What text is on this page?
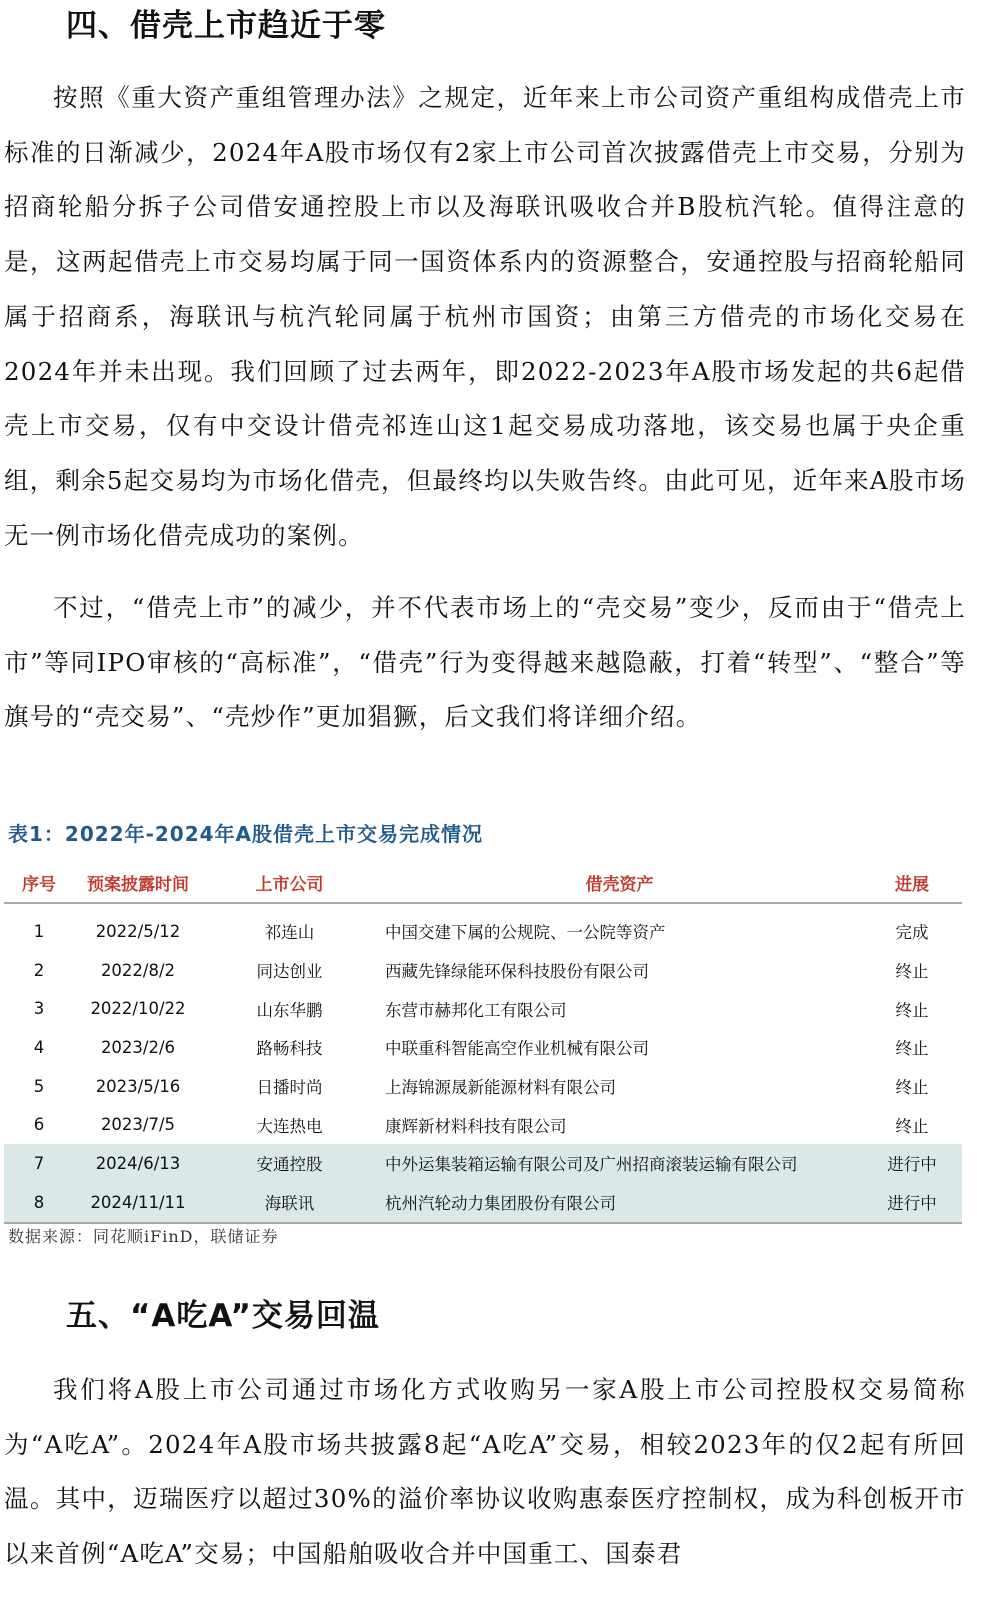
四、借壳上市趋近于零

按照《重大资产重组管理办法》之规定，近年来上市公司资产重组构成借壳上市标准的日渐减少，2024年A股市场仅有2家上市公司首次披露借壳上市交易，分别为招商轮船分拆子公司借安通控股上市以及海联讯吸收合并B股杭汽轮。值得注意的是，这两起借壳上市交易均属于同一国资体系内的资源整合，安通控股与招商轮船同属于招商系，海联讯与杭汽轮同属于杭州市国资；由第三方借壳的市场化交易在2024年并未出现。我们回顾了过去两年，即2022-2023年A股市场发起的共6起借壳上市交易，仅有中交设计借壳祁连山这1起交易成功落地，该交易也属于央企重组，剩余5起交易均为市场化借壳，但最终均以失败告终。由此可见，近年来A股市场无一例市场化借壳成功的案例。

不过，“借壳上市”的减少，并不代表市场上的“壳交易”变少，反而由于“借壳上市”等同IPO审核的“高标准”，“借壳”行为变得越来越隐蔽，打着“转型”、“整合”等旗号的“壳交易”、“壳炒作”更加猖獗，后文我们将详细介绍。

表1：2022年-2024年A股借壳上市交易完成情况
序号	预案披露时间	上市公司	借壳资产	进展
1	2022/5/12	祁连山	中国交建下属的公规院、一公院等资产	完成
2	2022/8/2	同达创业	西藏先锋绿能环保科技股份有限公司	终止
3	2022/10/22	山东华鹏	东营市赫邦化工有限公司	终止
4	2023/2/6	路畅科技	中联重科智能高空作业机械有限公司	终止
5	2023/5/16	日播时尚	上海锦源晟新能源材料有限公司	终止
6	2023/7/5	大连热电	康辉新材料科技有限公司	终止
7	2024/6/13	安通控股	中外运集装箱运输有限公司及广州招商滚装运输有限公司	进行中
8	2024/11/11	海联讯	杭州汽轮动力集团股份有限公司	进行中
数据来源：同花顺iFinD，联储证券
五、“A吃A”交易回温

我们将A股上市公司通过市场化方式收购另一家A股上市公司控股权交易简称为“A吃A”。2024年A股市场共披露8起“A吃A”交易，相较2023年的仅2起有所回温。其中，迈瑞医疗以超过30%的溢价率协议收购惠泰医疗控制权，成为科创板开市以来首例“A吃A”交易；中国船舶吸收合并中国重工、国泰君
